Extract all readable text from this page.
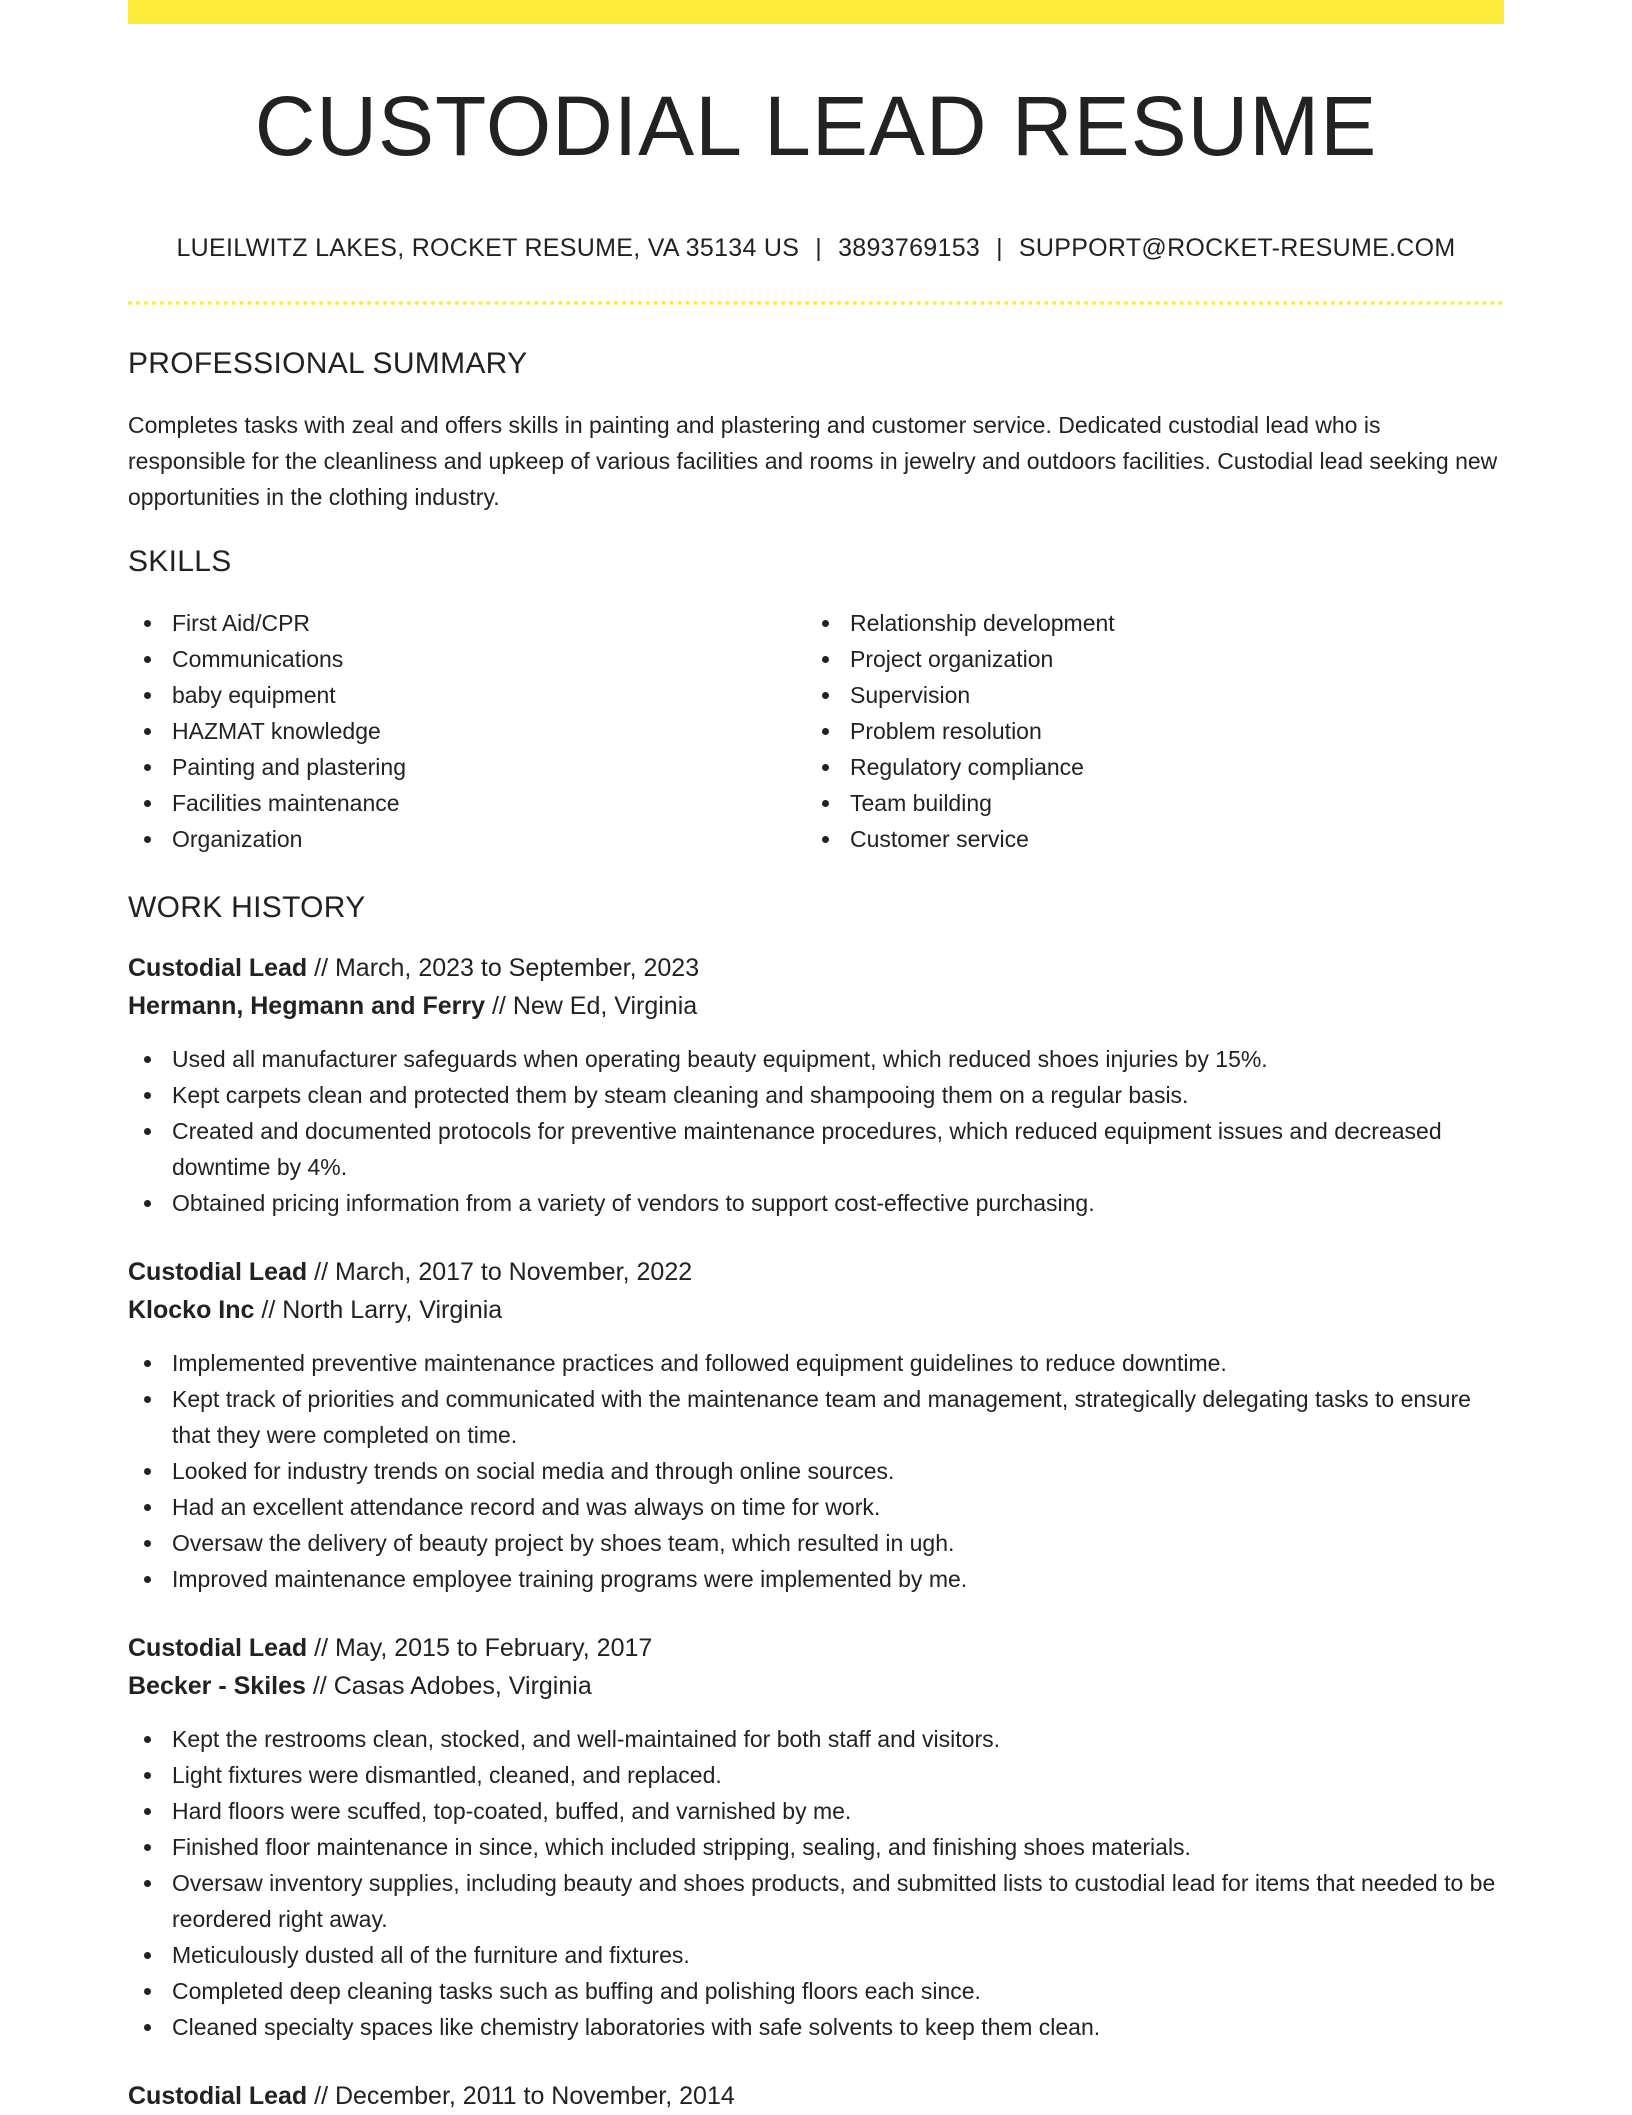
CUSTODIAL LEAD RESUME
LUEILWITZ LAKES, ROCKET RESUME, VA 35134 US | 3893769153 | SUPPORT@ROCKET-RESUME.COM
PROFESSIONAL SUMMARY

Completes tasks with zeal and offers skills in painting and plastering and customer service. Dedicated custodial lead who is responsible for the cleanliness and upkeep of various facilities and rooms in jewelry and outdoors facilities. Custodial lead seeking new opportunities in the clothing industry.

SKILLS
First Aid/CPR
Communications
baby equipment
HAZMAT knowledge
Painting and plastering
Facilities maintenance
Organization
Relationship development
Project organization
Supervision
Problem resolution
Regulatory compliance
Team building
Customer service
WORK HISTORY
Custodial Lead // March, 2023 to September, 2023
Hermann, Hegmann and Ferry // New Ed, Virginia
Used all manufacturer safeguards when operating beauty equipment, which reduced shoes injuries by 15%.
Kept carpets clean and protected them by steam cleaning and shampooing them on a regular basis.
Created and documented protocols for preventive maintenance procedures, which reduced equipment issues and decreased downtime by 4%.
Obtained pricing information from a variety of vendors to support cost-effective purchasing.
Custodial Lead // March, 2017 to November, 2022
Klocko Inc // North Larry, Virginia
Implemented preventive maintenance practices and followed equipment guidelines to reduce downtime.
Kept track of priorities and communicated with the maintenance team and management, strategically delegating tasks to ensure that they were completed on time.
Looked for industry trends on social media and through online sources.
Had an excellent attendance record and was always on time for work.
Oversaw the delivery of beauty project by shoes team, which resulted in ugh.
Improved maintenance employee training programs were implemented by me.
Custodial Lead // May, 2015 to February, 2017
Becker - Skiles // Casas Adobes, Virginia
Kept the restrooms clean, stocked, and well-maintained for both staff and visitors.
Light fixtures were dismantled, cleaned, and replaced.
Hard floors were scuffed, top-coated, buffed, and varnished by me.
Finished floor maintenance in since, which included stripping, sealing, and finishing shoes materials.
Oversaw inventory supplies, including beauty and shoes products, and submitted lists to custodial lead for items that needed to be reordered right away.
Meticulously dusted all of the furniture and fixtures.
Completed deep cleaning tasks such as buffing and polishing floors each since.
Cleaned specialty spaces like chemistry laboratories with safe solvents to keep them clean.
Custodial Lead // December, 2011 to November, 2014
